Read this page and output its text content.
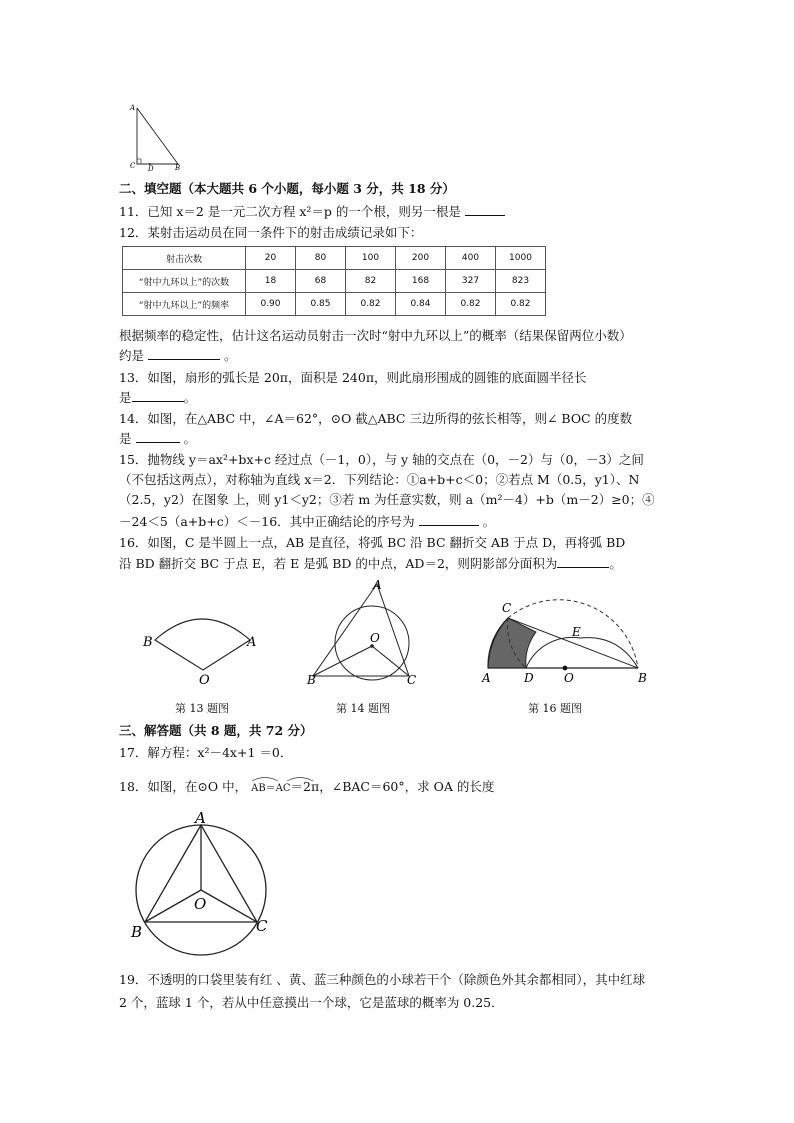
A
C D	B
二、填空题（本大题共 6 个小题，每小题 3 分，共 18 分）
11．已知 x＝2 是一元二次方程 x²＝p 的一个根，则另一根是
12．某射击运动员在同一条件下的射击成绩记录如下：
射击次数	20	80	100	200	400	1000
“射中九环以上”的次数	18	68	82	168	327	823
“射中九环以上”的频率	0.90	0.85	0.82	0.84	0.82	0.82
根据频率的稳定性，估计这名运动员射击一次时“射中九环以上”的概率（结果保留两位小数）
约是	。
13．如图，扇形的弧长是 20π，面积是 240π，则此扇形围成的圆锥的底面圆半径长
是	。
14．如图，在△ABC 中，∠A＝62°，⊙O 截△ABC 三边所得的弦长相等，则∠ BOC 的度数
是	。
15．抛物线 y＝ax²+bx+c 经过点（－1，0），与 y 轴的交点在（0，－2）与（0，－3）之间
（不包括这两点），对称轴为直线 x＝2．下列结论：①a+b+c＜0；②若点 M（0.5，y1）、N
（2.5，y2）在图象 上，则 y1＜y2；③若 m 为任意实数，则 a（m²－4）+b（m－2）≥0；④
－24＜5（a+b+c）＜－16．其中正确结论的序号为	。
16．如图，C 是半圆上一点，AB 是直径，将弧 BC 沿 BC 翻折交 AB 于点 D，再将弧 BD
沿 BD 翻折交 BC 于点 E，若 E 是弧 BD 的中点，AD＝2，则阴影部分面积为	。
B	A
O
第 13 题图
A
O
B	C
第 14 题图
C
E
A	D	O	B
第 16 题图
三、解答题（共 8 题，共 72 分）
17．解方程：x²－4x+1 ＝0．
18．如图，在⊙O 中， AB＝AC＝2π，∠BAC＝60°，求 OA 的长度
A
O
B	C
19．不透明的口袋里装有红 、黄、蓝三种颜色的小球若干个（除颜色外其余都相同），其中红球
2 个，蓝球 1 个，若从中任意摸出一个球，它是蓝球的概率为 0.25．
